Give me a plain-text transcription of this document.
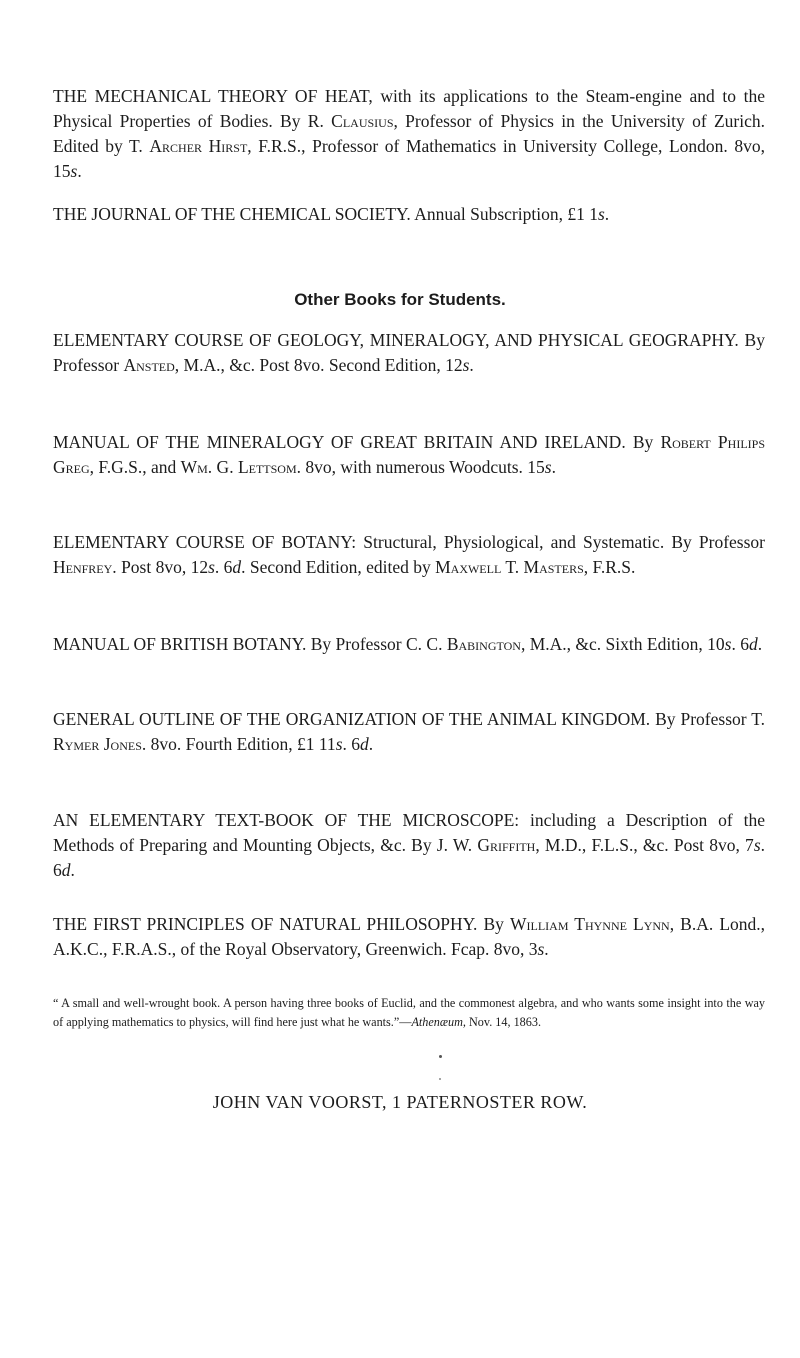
THE MECHANICAL THEORY OF HEAT, with its applications to the Steam-engine and to the Physical Properties of Bodies. By R. Clausius, Professor of Physics in the University of Zurich. Edited by T. Archer Hirst, F.R.S., Professor of Mathematics in University College, London. 8vo, 15s.
THE JOURNAL OF THE CHEMICAL SOCIETY. Annual Subscription, £1 1s.
Other Books for Students.
ELEMENTARY COURSE OF GEOLOGY, MINERALOGY, AND PHYSICAL GEOGRAPHY. By Professor Ansted, M.A., &c. Post 8vo. Second Edition, 12s.
MANUAL OF THE MINERALOGY OF GREAT BRITAIN AND IRELAND. By Robert Philips Greg, F.G.S., and Wm. G. Lettsom. 8vo, with numerous Woodcuts. 15s.
ELEMENTARY COURSE OF BOTANY: Structural, Physiological, and Systematic. By Professor Henfrey. Post 8vo, 12s. 6d. Second Edition, edited by Maxwell T. Masters, F.R.S.
MANUAL OF BRITISH BOTANY. By Professor C. C. Babington, M.A., &c. Sixth Edition, 10s. 6d.
GENERAL OUTLINE OF THE ORGANIZATION OF THE ANIMAL KINGDOM. By Professor T. Rymer Jones. 8vo. Fourth Edition, £1 11s. 6d.
AN ELEMENTARY TEXT-BOOK OF THE MICROSCOPE: including a Description of the Methods of Preparing and Mounting Objects, &c. By J. W. Griffith, M.D., F.L.S., &c. Post 8vo, 7s. 6d.
THE FIRST PRINCIPLES OF NATURAL PHILOSOPHY. By William Thynne Lynn, B.A. Lond., A.K.C., F.R.A.S., of the Royal Observatory, Greenwich. Fcap. 8vo, 3s.
“ A small and well-wrought book. A person having three books of Euclid, and the commonest algebra, and who wants some insight into the way of applying mathematics to physics, will find here just what he wants.”—Athenæum, Nov. 14, 1863.
JOHN VAN VOORST, 1 PATERNOSTER ROW.
